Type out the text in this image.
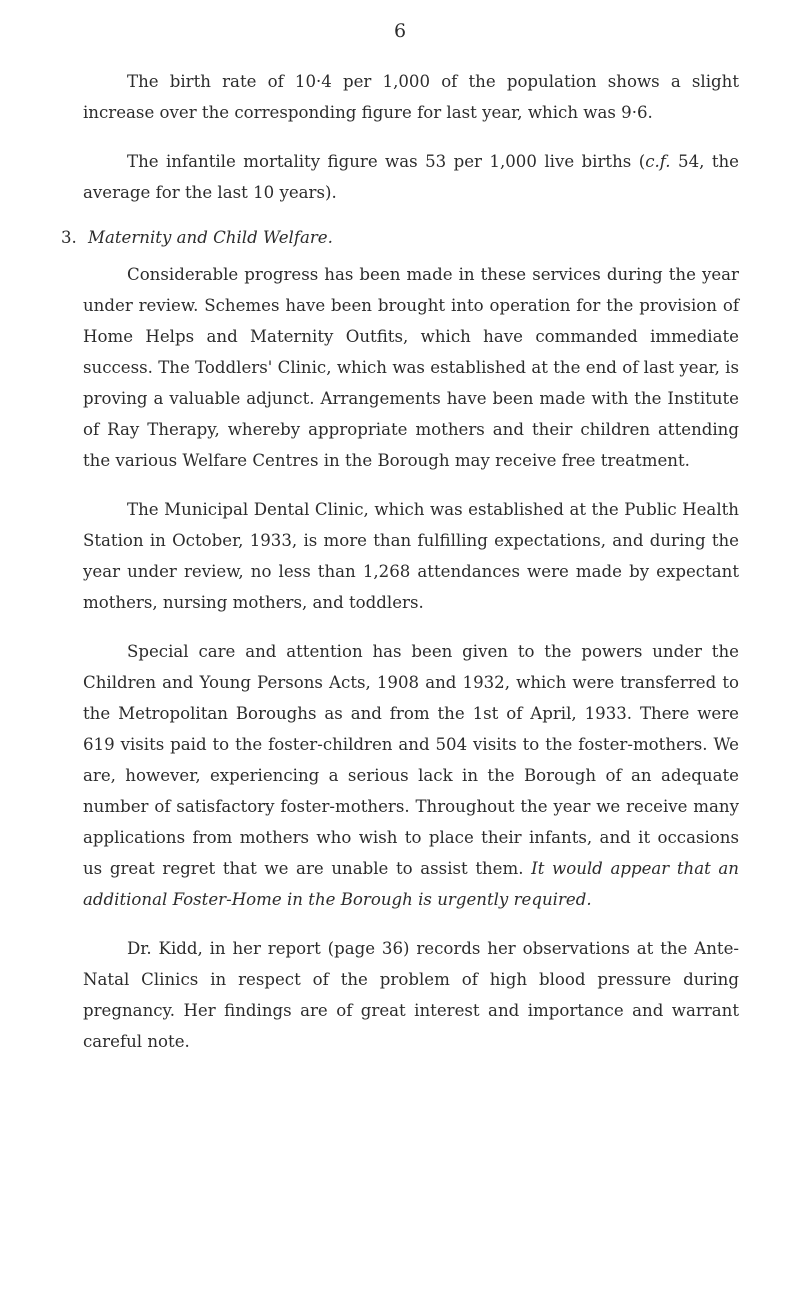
6

The birth rate of 10·4 per 1,000 of the population shows a slight increase over the corresponding figure for last year, which was 9·6.

The infantile mortality figure was 53 per 1,000 live births (c.f. 54, the average for the last 10 years).

3. Maternity and Child Welfare.

Considerable progress has been made in these services during the year under review. Schemes have been brought into operation for the provision of Home Helps and Maternity Outfits, which have commanded immediate success. The Toddlers' Clinic, which was established at the end of last year, is proving a valuable adjunct. Arrangements have been made with the Institute of Ray Therapy, whereby appropriate mothers and their children attending the various Welfare Centres in the Borough may receive free treatment.

The Municipal Dental Clinic, which was established at the Public Health Station in October, 1933, is more than fulfilling expectations, and during the year under review, no less than 1,268 attendances were made by expectant mothers, nursing mothers, and toddlers.

Special care and attention has been given to the powers under the Children and Young Persons Acts, 1908 and 1932, which were transferred to the Metropolitan Boroughs as and from the 1st of April, 1933. There were 619 visits paid to the foster-children and 504 visits to the foster-mothers. We are, however, experiencing a serious lack in the Borough of an adequate number of satisfactory foster-mothers. Throughout the year we receive many applications from mothers who wish to place their infants, and it occasions us great regret that we are unable to assist them. It would appear that an additional Foster-Home in the Borough is urgently required.

Dr. Kidd, in her report (page 36) records her observations at the Ante-Natal Clinics in respect of the problem of high blood pressure during pregnancy. Her findings are of great interest and importance and warrant careful note.
